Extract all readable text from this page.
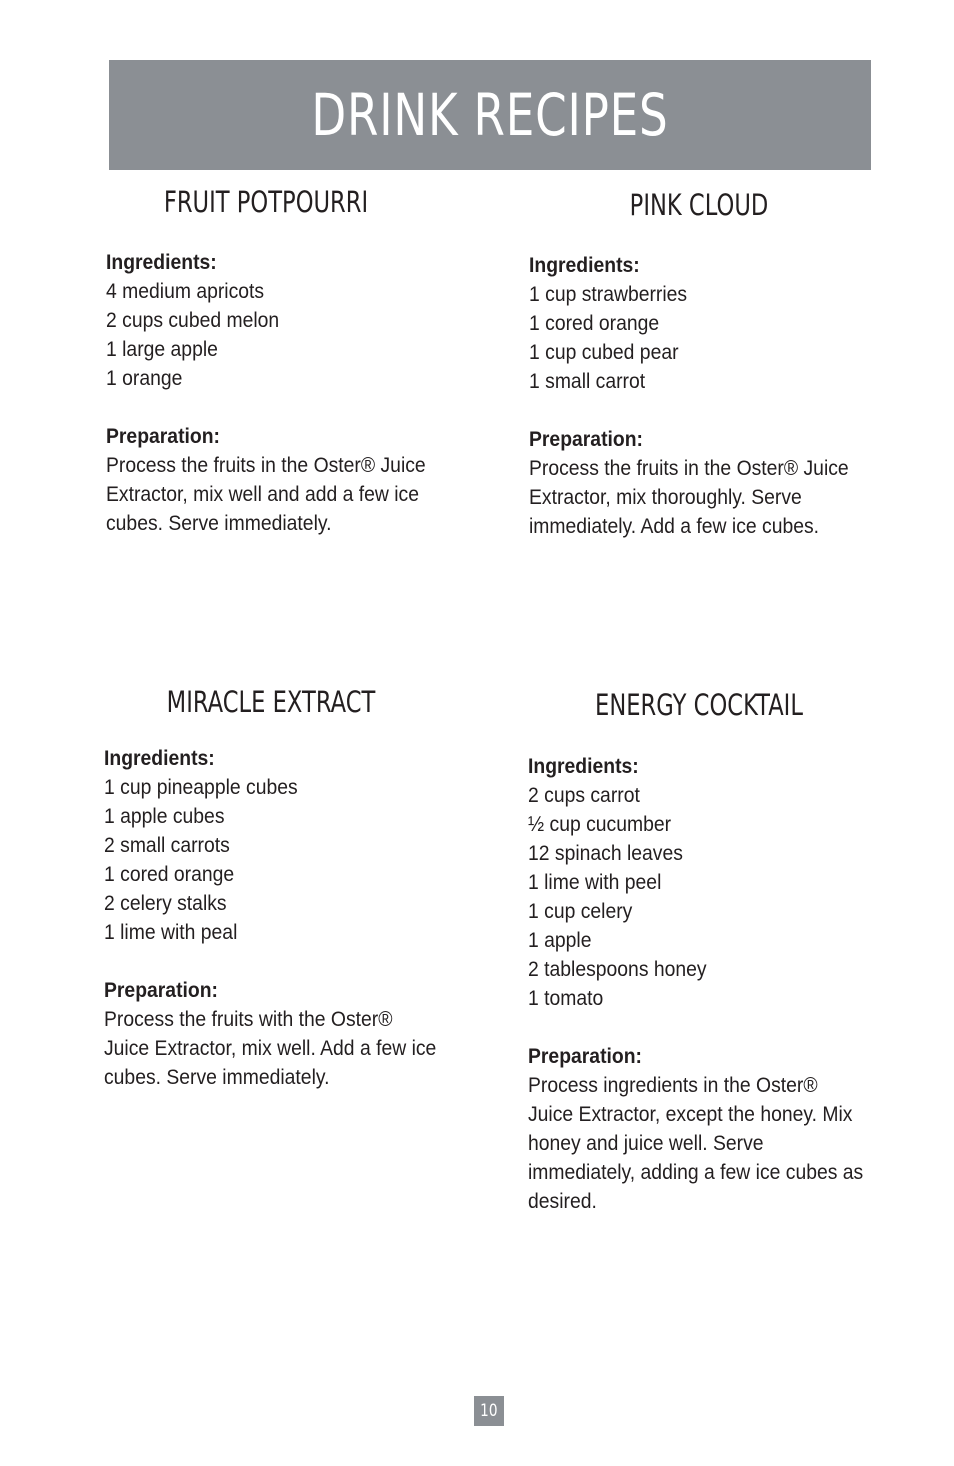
DRINK RECIPES
FRUIT POTPOURRI
Ingredients:
4 medium apricots
2 cups cubed melon
1 large apple
1 orange
Preparation:
Process the fruits in the Oster® Juice
Extractor, mix well and add a few ice
cubes. Serve immediately.
PINK CLOUD
Ingredients:
1 cup strawberries
1 cored orange
1 cup cubed pear
1 small carrot
Preparation:
Process the fruits in the Oster® Juice
Extractor, mix thoroughly. Serve
immediately. Add a few ice cubes.
MIRACLE EXTRACT
Ingredients:
1 cup pineapple cubes
1 apple cubes
2 small carrots
1 cored orange
2 celery stalks
1 lime with peal
Preparation:
Process the fruits with the Oster®
Juice Extractor, mix well. Add a few ice
cubes. Serve immediately.
ENERGY COCKTAIL
Ingredients:
2 cups carrot
½ cup cucumber
12 spinach leaves
1 lime with peel
1 cup celery
1 apple
2 tablespoons honey
1 tomato
Preparation:
Process ingredients in the Oster®
Juice Extractor, except the honey. Mix
honey and juice well. Serve
immediately, adding a few ice cubes as
desired.
10
